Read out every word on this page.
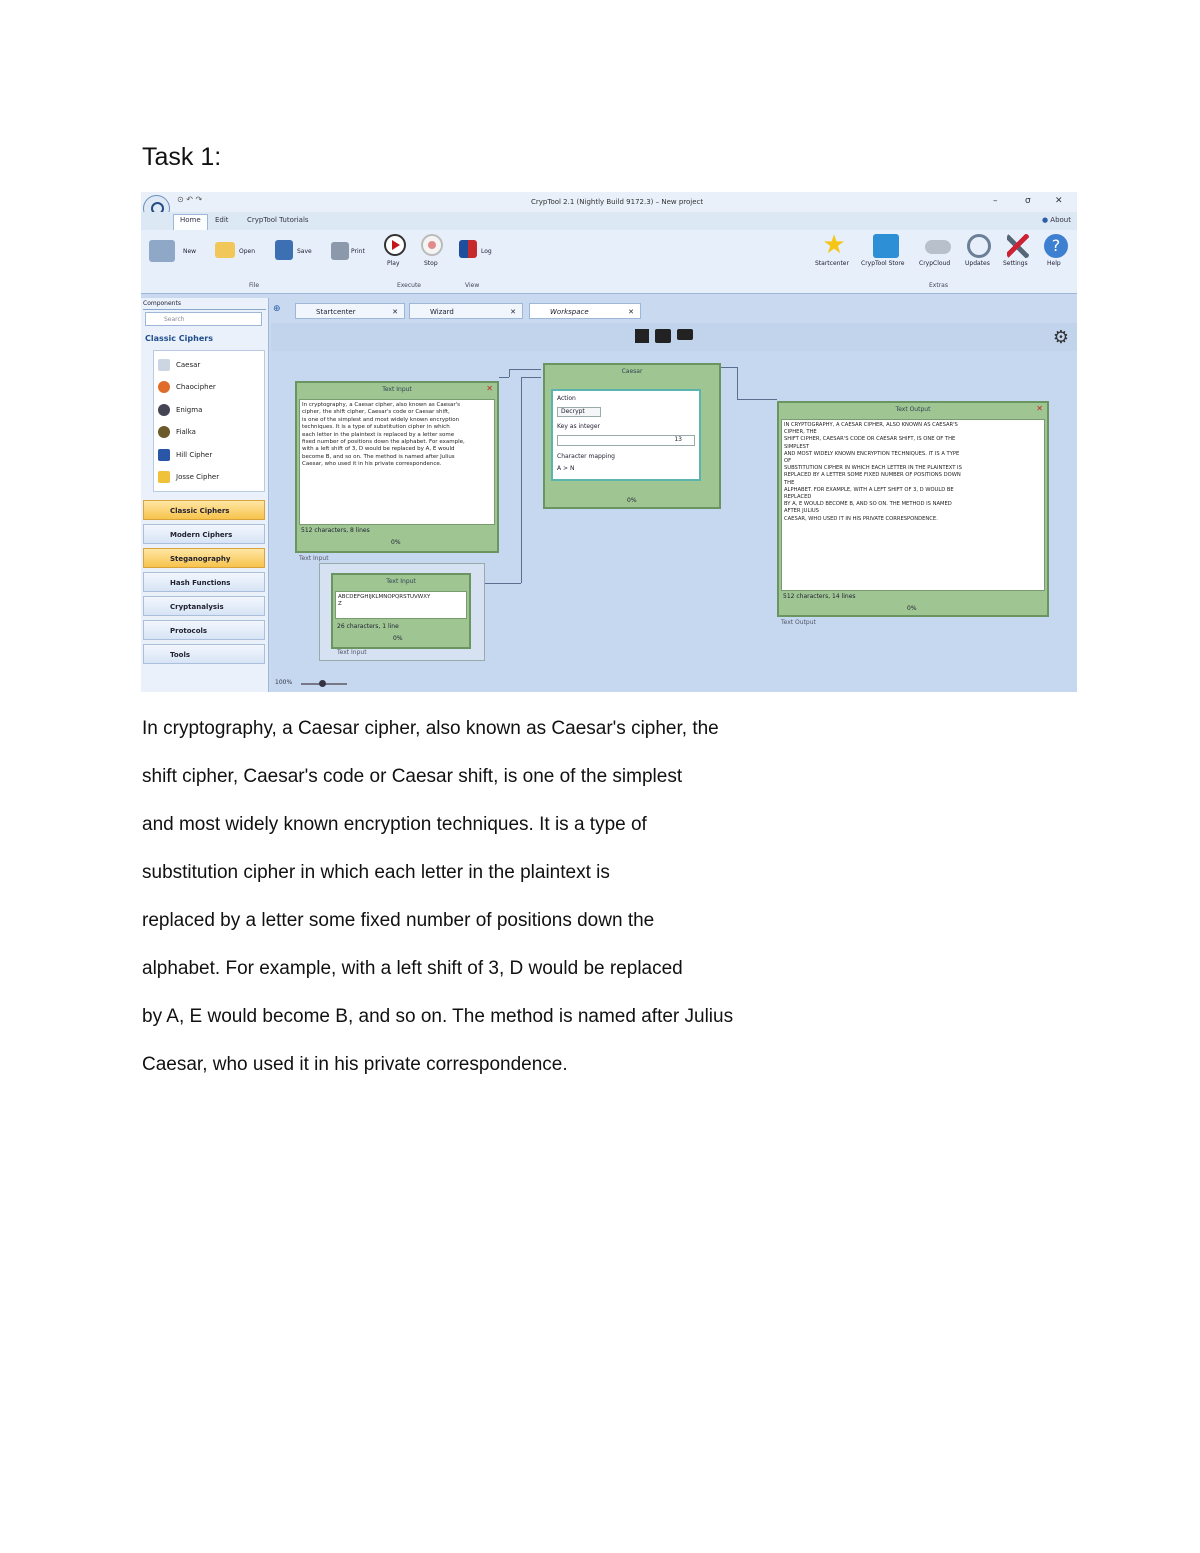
Task 1:
⊙ ↶ ↷	CrypTool 2.1 (Nightly Build 9172.3) – New project	–	σ	✕
Home	Edit	CrypTool Tutorials	● About
New	Open	Save	Print
Play	Stop
Log	★
Startcenter CrypTool Store CrypCloud Updates Settings
?
Help
File	Execute	View	Extras
Components
Search
Classic Ciphers
Caesar
Chaocipher
Enigma
Fialka
Hill Cipher
Josse Cipher
Classic Ciphers
Modern Ciphers
Steganography
Hash Functions
Cryptanalysis
Protocols
Tools
⊕	Startcenter	✕	Wizard	✕	Workspace	✕
⚙
Text Input	✕
In cryptography, a Caesar cipher, also known as Caesar's
cipher, the shift cipher, Caesar's code or Caesar shift,
is one of the simplest and most widely known encryption
techniques. It is a type of substitution cipher in which
each letter in the plaintext is replaced by a letter some
fixed number of positions down the alphabet. For example,
with a left shift of 3, D would be replaced by A, E would
become B, and so on. The method is named after Julius
Caesar, who used it in his private correspondence.
512 characters, 8 lines
0%
Text Input
Text Input
ABCDEFGHIJKLMNOPQRSTUVWXY
Z
26 characters, 1 line
0%
Text Input
Caesar
Action
Decrypt
Key as integer
13
Character mapping
A > N
0%
Text Output	✕
IN CRYPTOGRAPHY, A CAESAR CIPHER, ALSO KNOWN AS CAESAR'S
CIPHER, THE
SHIFT CIPHER, CAESAR'S CODE OR CAESAR SHIFT, IS ONE OF THE
SIMPLEST
AND MOST WIDELY KNOWN ENCRYPTION TECHNIQUES. IT IS A TYPE
OF
SUBSTITUTION CIPHER IN WHICH EACH LETTER IN THE PLAINTEXT IS
REPLACED BY A LETTER SOME FIXED NUMBER OF POSITIONS DOWN
THE
ALPHABET. FOR EXAMPLE, WITH A LEFT SHIFT OF 3, D WOULD BE
REPLACED
BY A, E WOULD BECOME B, AND SO ON. THE METHOD IS NAMED
AFTER JULIUS
CAESAR, WHO USED IT IN HIS PRIVATE CORRESPONDENCE.
512 characters, 14 lines
0%
Text Output
100%
In cryptography, a Caesar cipher, also known as Caesar's cipher, the
shift cipher, Caesar's code or Caesar shift, is one of the simplest
and most widely known encryption techniques. It is a type of
substitution cipher in which each letter in the plaintext is
replaced by a letter some fixed number of positions down the
alphabet. For example, with a left shift of 3, D would be replaced
by A, E would become B, and so on. The method is named after Julius
Caesar, who used it in his private correspondence.
